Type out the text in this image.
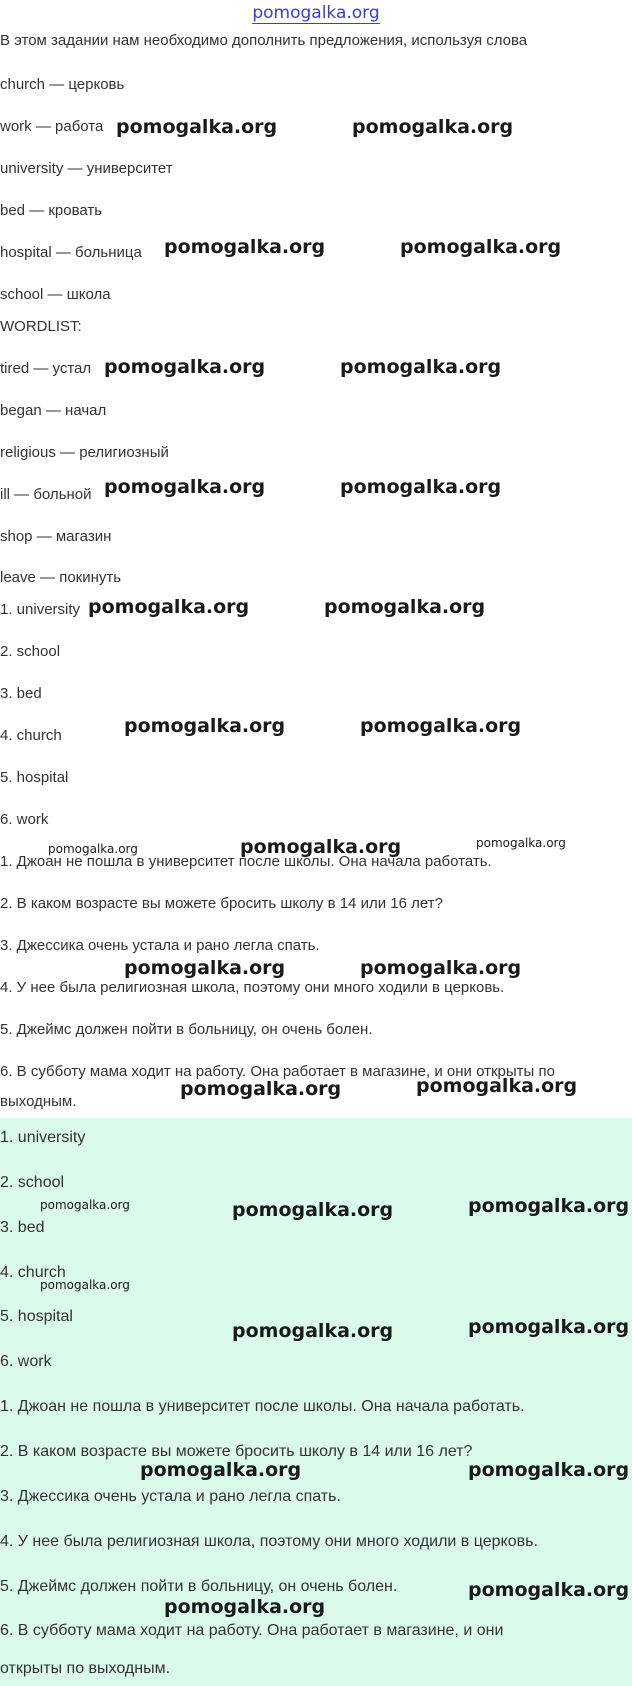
pomogalka.org
В этом задании нам необходимо дополнить предложения, используя слова
church — церковь
work — работа
university — университет
bed — кровать
hospital — больница
school — школа
WORDLIST:
tired — устал
began — начал
religious — религиозный
ill — больной
shop — магазин
leave — покинуть
1. university
2. school
3. bed
4. church
5. hospital
6. work
1. Джоан не пошла в университет после школы. Она начала работать.
2. В каком возрасте вы можете бросить школу в 14 или 16 лет?
3. Джессика очень устала и рано легла спать.
4. У нее была религиозная школа, поэтому они много ходили в церковь.
5. Джеймс должен пойти в больницу, он очень болен.
6. В субботу мама ходит на работу. Она работает в магазине, и они открыты по
выходным.
1. university
2. school
3. bed
4. church
5. hospital
6. work
1. Джоан не пошла в университет после школы. Она начала работать.
2. В каком возрасте вы можете бросить школу в 14 или 16 лет?
3. Джессика очень устала и рано легла спать.
4. У нее была религиозная школа, поэтому они много ходили в церковь.
5. Джеймс должен пойти в больницу, он очень болен.
6. В субботу мама ходит на работу. Она работает в магазине, и они
открыты по выходным.
pomogalka.org	pomogalka.org
pomogalka.org	pomogalka.org
pomogalka.org	pomogalka.org
pomogalka.org	pomogalka.org
pomogalka.org	pomogalka.org
pomogalka.org	pomogalka.org
pomogalka.org	pomogalka.org	pomogalka.org
pomogalka.org	pomogalka.org
pomogalka.org	pomogalka.org
pomogalka.org	pomogalka.org	pomogalka.org
pomogalka.org
pomogalka.org	pomogalka.org
pomogalka.org	pomogalka.org
pomogalka.org
pomogalka.org
